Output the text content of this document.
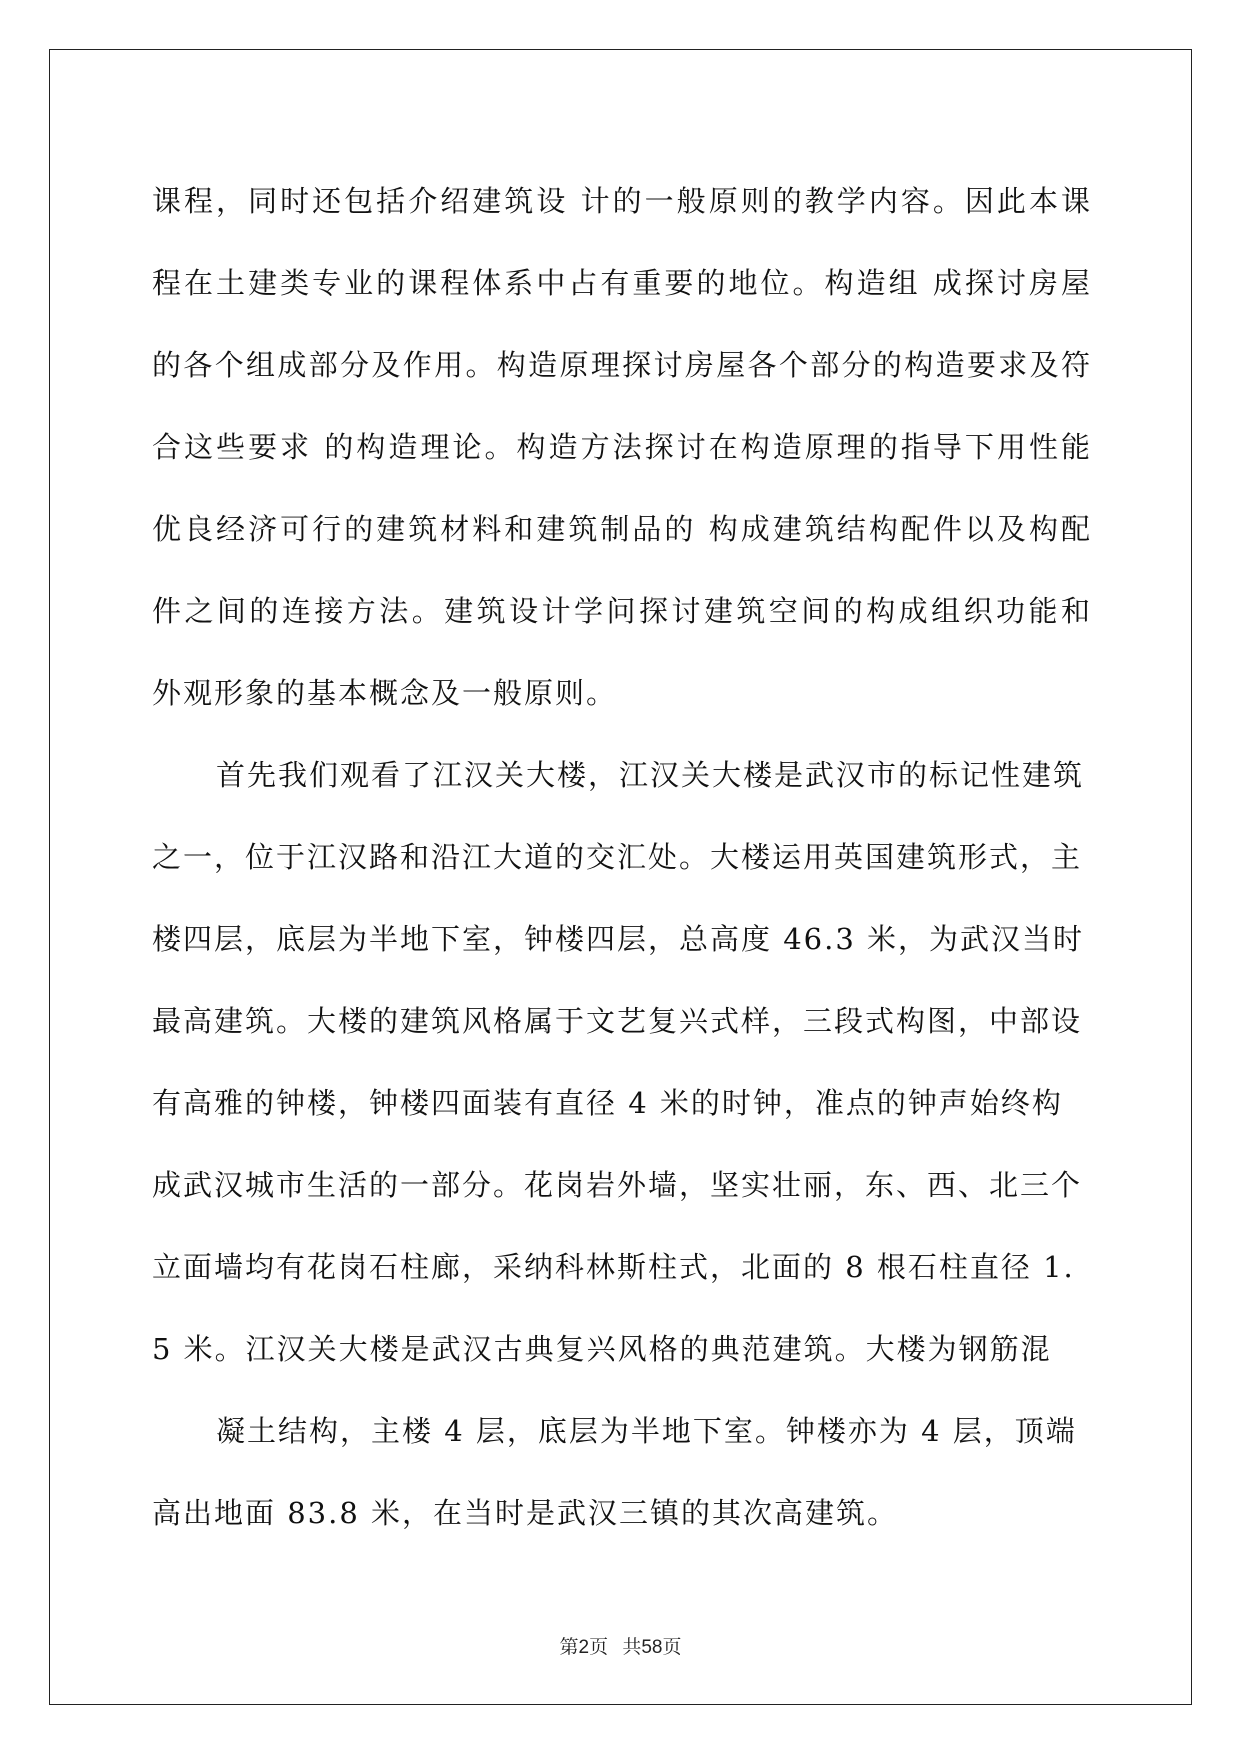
课程，同时还包括介绍建筑设 计的一般原则的教学内容。因此本课程在土建类专业的课程体系中占有重要的地位。构造组 成探讨房屋的各个组成部分及作用。构造原理探讨房屋各个部分的构造要求及符合这些要求 的构造理论。构造方法探讨在构造原理的指导下用性能优良经济可行的建筑材料和建筑制品的 构成建筑结构配件以及构配件之间的连接方法。建筑设计学问探讨建筑空间的构成组织功能和 外观形象的基本概念及一般原则。

首先我们观看了江汉关大楼，江汉关大楼是武汉市的标记性建筑之一，位于江汉路和沿江大道的交汇处。大楼运用英国建筑形式，主楼四层，底层为半地下室，钟楼四层，总高度 46.3 米，为武汉当时最高建筑。大楼的建筑风格属于文艺复兴式样，三段式构图，中部设有高雅的钟楼，钟楼四面装有直径 4 米的时钟，准点的钟声始终构成武汉城市生活的一部分。花岗岩外墙，坚实壮丽，东、西、北三个立面墙均有花岗石柱廊，采纳科林斯柱式，北面的 8 根石柱直径 1.5 米。江汉关大楼是武汉古典复兴风格的典范建筑。大楼为钢筋混

凝土结构，主楼 4 层，底层为半地下室。钟楼亦为 4 层，顶端高出地面 83.8 米，在当时是武汉三镇的其次高建筑。

第2页 共58页
